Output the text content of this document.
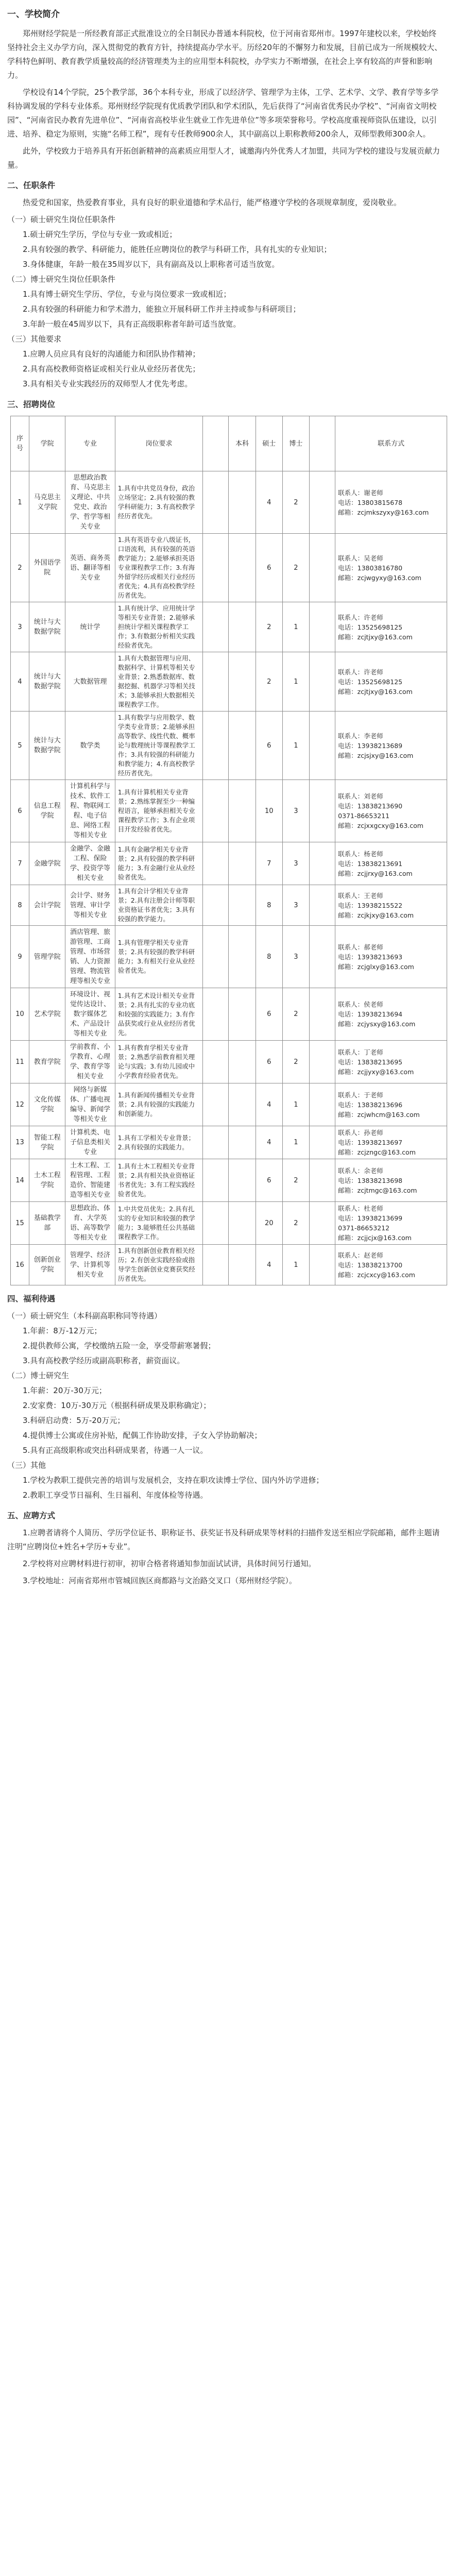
一、学校简介

郑州财经学院是一所经教育部正式批准设立的全日制民办普通本科院校，位于河南省郑州市。1997年建校以来，学校始终坚持社会主义办学方向，深入贯彻党的教育方针，持续提高办学水平。历经20年的不懈努力和发展，目前已成为一所规模较大、学科特色鲜明、教育教学质量较高的经济管理类为主的应用型本科院校，办学实力不断增强，在社会上享有较高的声誉和影响力。

学校设有14个学院，25个教学部，36个本科专业，形成了以经济学、管理学为主体，工学、艺术学、文学、教育学等多学科协调发展的学科专业体系。郑州财经学院现有优质教学团队和学术团队，先后获得了“河南省优秀民办学校”、“河南省文明校园”、“河南省民办教育先进单位”、“河南省高校毕业生就业工作先进单位”等多项荣誉称号。学校高度重视师资队伍建设，以引进、培养、稳定为原则，实施“名师工程”，现有专任教师900余人，其中副高以上职称教师200余人，双师型教师300余人。

此外，学校致力于培养具有开拓创新精神的高素质应用型人才，诚邀海内外优秀人才加盟，共同为学校的建设与发展贡献力量。

二、任职条件

热爱党和国家，热爱教育事业，具有良好的职业道德和学术品行，能严格遵守学校的各项规章制度，爱岗敬业。

（一）硕士研究生岗位任职条件
1.硕士研究生学历，学位与专业一致或相近；
2.具有较强的教学、科研能力，能胜任应聘岗位的教学与科研工作，具有扎实的专业知识；
3.身体健康，年龄一般在35周岁以下，具有副高及以上职称者可适当放宽。
（二）博士研究生岗位任职条件
1.具有博士研究生学历、学位，专业与岗位要求一致或相近；
2.具有较强的科研能力和学术潜力，能独立开展科研工作并主持或参与科研项目；
3.年龄一般在45周岁以下，具有正高级职称者年龄可适当放宽。
（三）其他要求
1.应聘人员应具有良好的沟通能力和团队协作精神；
2.具有高校教师资格证或相关行业从业经历者优先；
3.具有相关专业实践经历的双师型人才优先考虑。
三、招聘岗位
序号	学院	专业	岗位要求		本科	硕士	博士		联系方式
1	马克思主义学院	思想政治教育、马克思主义理论、中共党史、政治学、哲学等相关专业	1.具有中共党员身份，政治立场坚定；2.具有较强的教学科研能力；3.有高校教学经历者优先。			4	2		联系人：谢老师
电话：13803815678
邮箱：zcjmkszyxy@163.com
2	外国语学院	英语、商务英语、翻译等相关专业	1.具有英语专业八级证书，口语流利，具有较强的英语教学能力；2.能够承担英语专业课程教学工作；3.有海外留学经历或相关行业经历者优先；4.具有高校教学经历者优先。			6	2		联系人：吴老师
电话：13803816780
邮箱：zcjwgyxy@163.com
3	统计与大数据学院	统计学	1.具有统计学、应用统计学等相关专业背景；2.能够承担统计学相关课程教学工作；3.有数据分析相关实践经验者优先。			2	1		联系人：许老师
电话：13525698125
邮箱：zcjtjxy@163.com
4	统计与大数据学院	大数据管理	1.具有大数据管理与应用、数据科学、计算机等相关专业背景；2.熟悉数据库、数据挖掘、机器学习等相关技术；3.能够承担大数据相关课程教学工作。			2	1		联系人：许老师
电话：13525698125
邮箱：zcjtjxy@163.com
5	统计与大数据学院	数学类	1.具有数学与应用数学、数学类专业背景；2.能够承担高等数学、线性代数、概率论与数理统计等课程教学工作；3.具有较强的科研能力和教学能力；4.有高校教学经历者优先。			6	1		联系人：李老师
电话：13938213689
邮箱：zcjsjxy@163.com
6	信息工程学院	计算机科学与技术、软件工程、物联网工程、电子信息、网络工程等相关专业	1.具有计算机相关专业背景；2.熟练掌握至少一种编程语言，能够承担相关专业课程教学工作；3.有企业项目开发经验者优先。			10	3		联系人：刘老师
电话：13838213690
0371-86653211
邮箱：zcjxxgcxy@163.com
7	金融学院	金融学、金融工程、保险学、投资学等相关专业	1.具有金融学相关专业背景；2.具有较强的教学科研能力；3.有金融行业从业经验者优先。			7	3		联系人：杨老师
电话：13838213691
邮箱：zcjjrxy@163.com
8	会计学院	会计学、财务管理、审计学等相关专业	1.具有会计学相关专业背景；2.具有注册会计师等职业资格证书者优先；3.具有较强的教学能力。			8	3		联系人：王老师
电话：13938215522
邮箱：zcjkjxy@163.com
9	管理学院	酒店管理、旅游管理、工商管理、市场营销、人力资源管理、物流管理等相关专业	1.具有管理学相关专业背景；2.具有较强的教学科研能力；3.有相关行业从业经验者优先。			8	3		联系人：郝老师
电话：13938213693
邮箱：zcjglxy@163.com
10	艺术学院	环境设计、视觉传达设计、数字媒体艺术、产品设计等相关专业	1.具有艺术设计相关专业背景；2.具有扎实的专业功底和较强的实践能力；3.有作品获奖或行业从业经历者优先。			6	2		联系人：侯老师
电话：13938213694
邮箱：zcjysxy@163.com
11	教育学院	学前教育、小学教育、心理学、教育学等相关专业	1.具有教育学相关专业背景；2.熟悉学前教育相关理论与实践；3.有幼儿园或中小学教育经验者优先。			6	2		联系人：丁老师
电话：13838213695
邮箱：zcjjyxy@163.com
12	文化传媒学院	网络与新媒体、广播电视编导、新闻学等相关专业	1.具有新闻传播相关专业背景；2.具有较强的实践能力和创新能力。			4	1		联系人：于老师
电话：13838213696
邮箱：zcjwhcm@163.com
13	智能工程学院	计算机类、电子信息类相关专业	1.具有工学相关专业背景；2.具有较强的实践能力。			4	1		联系人：孙老师
电话：13938213697
邮箱：zcjzngc@163.com
14	土木工程学院	土木工程、工程管理、工程造价、智能建造等相关专业	1.具有土木工程相关专业背景；2.具有相关执业资格证书者优先；3.有工程实践经验者优先。			6	2		联系人：余老师
电话：13838213698
邮箱：zcjtmgc@163.com
15	基础教学部	思想政治、体育、大学英语、高等数学等相关专业	1.中共党员优先；2.具有扎实的专业知识和较强的教学能力；3.能够胜任公共基础课程教学工作。			20	2		联系人：杜老师
电话：13938213699
0371-86653212
邮箱：zcjjcjx@163.com
16	创新创业学院	管理学、经济学、计算机等相关专业	1.具有创新创业教育相关经历；2.有创业实践经验或指导学生创新创业竞赛获奖经历者优先。			4	1		联系人：赵老师
电话：13838213700
邮箱：zcjcxcy@163.com
四、福利待遇
（一）硕士研究生（本科副高职称同等待遇）
1.年薪：8万-12万元；
2.提供教师公寓，学校缴纳五险一金，享受带薪寒暑假；
3.具有高校教学经历或副高职称者，薪资面议。
（二）博士研究生
1.年薪：20万-30万元；
2.安家费：10万-30万元（根据科研成果及职称确定）；
3.科研启动费：5万-20万元；
4.提供博士公寓或住房补贴，配偶工作协助安排，子女入学协助解决；
5.具有正高级职称或突出科研成果者，待遇一人一议。
（三）其他
1.学校为教职工提供完善的培训与发展机会，支持在职攻读博士学位、国内外访学进修；
2.教职工享受节日福利、生日福利、年度体检等待遇。
五、应聘方式

1.应聘者请将个人简历、学历学位证书、职称证书、获奖证书及科研成果等材料的扫描件发送至相应学院邮箱，邮件主题请注明“应聘岗位+姓名+学历+专业”。

2.学校将对应聘材料进行初审，初审合格者将通知参加面试试讲，具体时间另行通知。

3.学校地址：河南省郑州市管城回族区商都路与文治路交叉口（郑州财经学院）。
